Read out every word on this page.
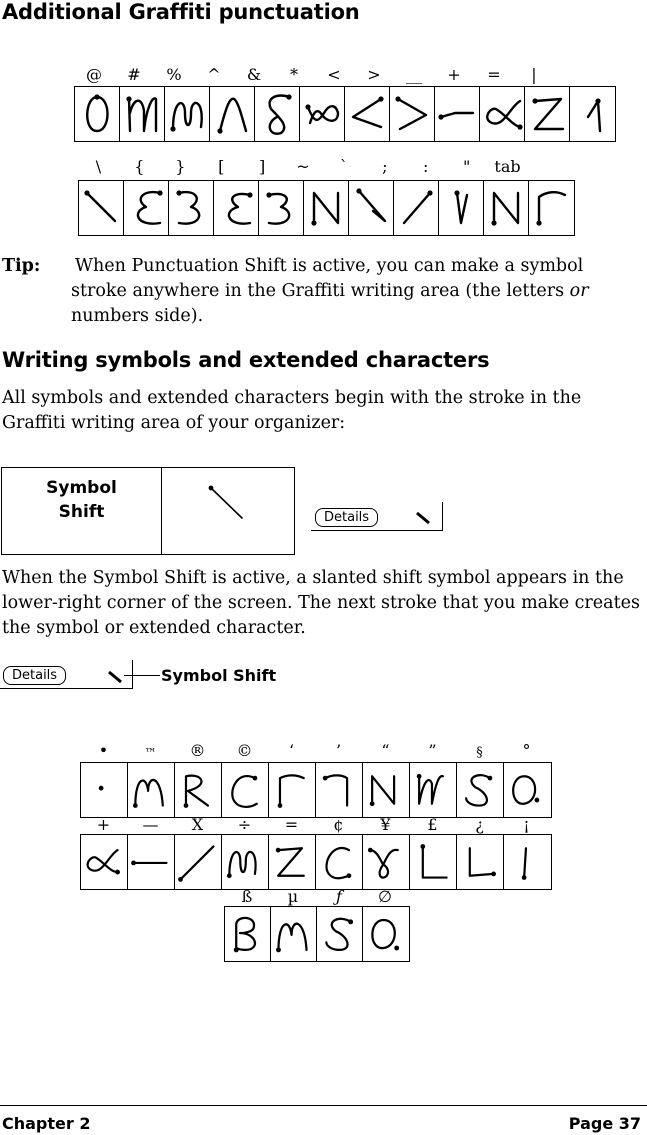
Additional Graffiti punctuation
@	#	%	^	&	*	<	>	__	+	=	|
\	{	}	[	]	~	`	;	:	"	tab
Tip: When Punctuation Shift is active, you can make a symbol stroke anywhere in the Graffiti writing area (the letters or numbers side).
Writing symbols and extended characters
All symbols and extended characters begin with the stroke in the Graffiti writing area of your organizer:
Symbol
Shift	Details
When the Symbol Shift is active, a slanted shift symbol appears in the lower-right corner of the screen. The next stroke that you make creates the symbol or extended character.
Details	Symbol Shift
•	™	®	©	‘	’	“	”	§	°
+	—	X	÷	=	¢	¥	£	¿	¡
ß	µ	ƒ	∅
Chapter 2	Page 37
